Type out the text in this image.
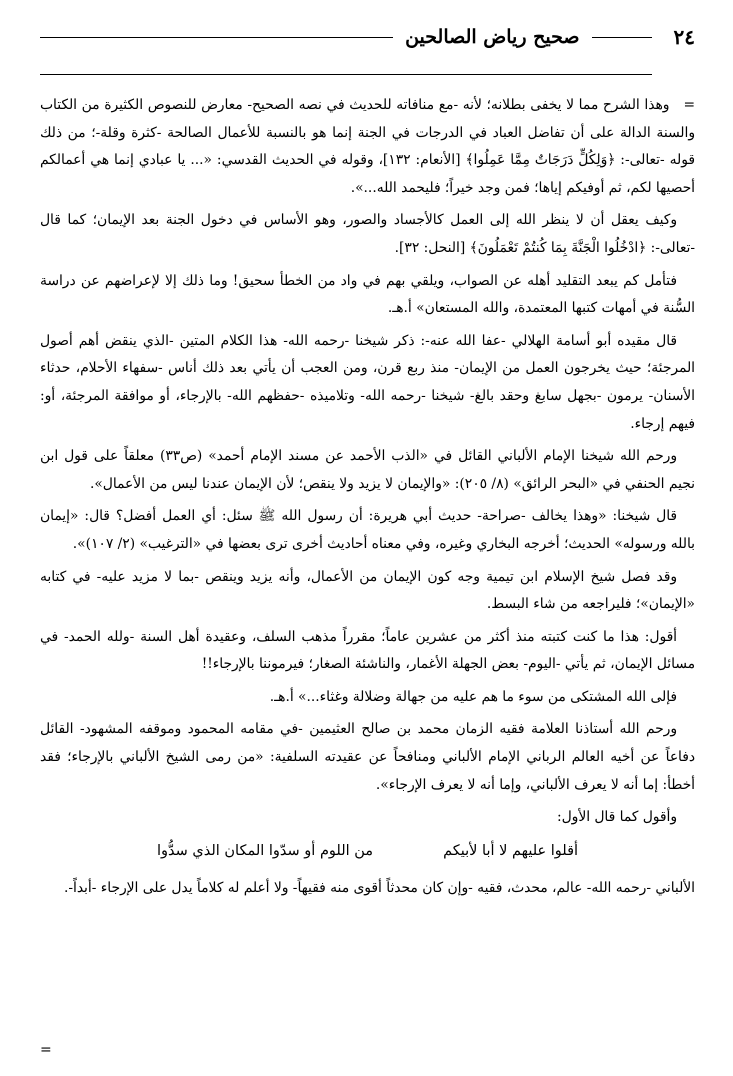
٢٤
صحيح رياض الصالحين

=وهذا الشرح مما لا يخفى بطلانه؛ لأنه -مع منافاته للحديث في نصه الصحيح- معارض للنصوص الكثيرة من الكتاب والسنة الدالة على أن تفاضل العباد في الدرجات في الجنة إنما هو بالنسبة للأعمال الصالحة -كثرة وقلة-؛ من ذلك قوله -تعالى-: ﴿وَلِكُلٍّ دَرَجَاتٌ مِمَّا عَمِلُوا﴾ [الأنعام: ١٣٢]، وقوله في الحديث القدسي: «... يا عبادي إنما هي أعمالكم أحصيها لكم، ثم أوفيكم إياها؛ فمن وجد خيراً؛ فليحمد الله...».

وكيف يعقل أن لا ينظر الله إلى العمل كالأجساد والصور، وهو الأساس في دخول الجنة بعد الإيمان؛ كما قال -تعالى-: ﴿ادْخُلُوا الْجَنَّةَ بِمَا كُنتُمْ تَعْمَلُونَ﴾ [النحل: ٣٢].

فتأمل كم يبعد التقليد أهله عن الصواب، ويلقي بهم في واد من الخطأ سحيق! وما ذلك إلا لإعراضهم عن دراسة السُّنة في أمهات كتبها المعتمدة، والله المستعان» أ.هـ.

قال مقيده أبو أسامة الهلالي -عفا الله عنه-: ذكر شيخنا -رحمه الله- هذا الكلام المتين -الذي ينقض أهم أصول المرجئة؛ حيث يخرجون العمل من الإيمان- منذ ربع قرن، ومن العجب أن يأتي بعد ذلك أناس -سفهاء الأحلام، حدثاء الأسنان- يرمون -بجهل سابغ وحقد بالغ- شيخنا -رحمه الله- وتلاميذه -حفظهم الله- بالإرجاء، أو موافقة المرجئة، أو: فيهم إرجاء.

ورحم الله شيخنا الإمام الألباني القائل في «الذب الأحمد عن مسند الإمام أحمد» (ص٣٣) معلقاً على قول ابن نجيم الحنفي في «البحر الرائق» (٨/ ٢٠٥): «والإيمان لا يزيد ولا ينقص؛ لأن الإيمان عندنا ليس من الأعمال».

قال شيخنا: «وهذا يخالف -صراحة- حديث أبي هريرة: أن رسول الله ﷺ سئل: أي العمل أفضل؟ قال: «إيمان بالله ورسوله» الحديث؛ أخرجه البخاري وغيره، وفي معناه أحاديث أخرى ترى بعضها في «الترغيب» (٢/ ١٠٧)».

وقد فصل شيخ الإسلام ابن تيمية وجه كون الإيمان من الأعمال، وأنه يزيد وينقص -بما لا مزيد عليه- في كتابه «الإيمان»؛ فليراجعه من شاء البسط.

أقول: هذا ما كنت كتبته منذ أكثر من عشرين عاماً؛ مقرراً مذهب السلف، وعقيدة أهل السنة -ولله الحمد- في مسائل الإيمان، ثم يأتي -اليوم- بعض الجهلة الأغمار، والناشئة الصغار؛ فيرموننا بالإرجاء!!

فإلى الله المشتكى من سوء ما هم عليه من جهالة وضلالة وغثاء...» أ.هـ.

ورحم الله أستاذنا العلامة فقيه الزمان محمد بن صالح العثيمين -في مقامه المحمود وموقفه المشهود- القائل دفاعاً عن أخيه العالم الرباني الإمام الألباني ومنافحاً عن عقيدته السلفية: «من رمى الشيخ الألباني بالإرجاء؛ فقد أخطأ: إما أنه لا يعرف الألباني، وإما أنه لا يعرف الإرجاء».

وأقول كما قال الأول:

أقلوا عليهم لا أبا لأبيكم
من اللوم أو سدّوا المكان الذي سدُّوا

الألباني -رحمه الله- عالم، محدث، فقيه -وإن كان محدثاً أقوى منه فقيهاً- ولا أعلم له كلاماً يدل على الإرجاء -أبداً-.

=
